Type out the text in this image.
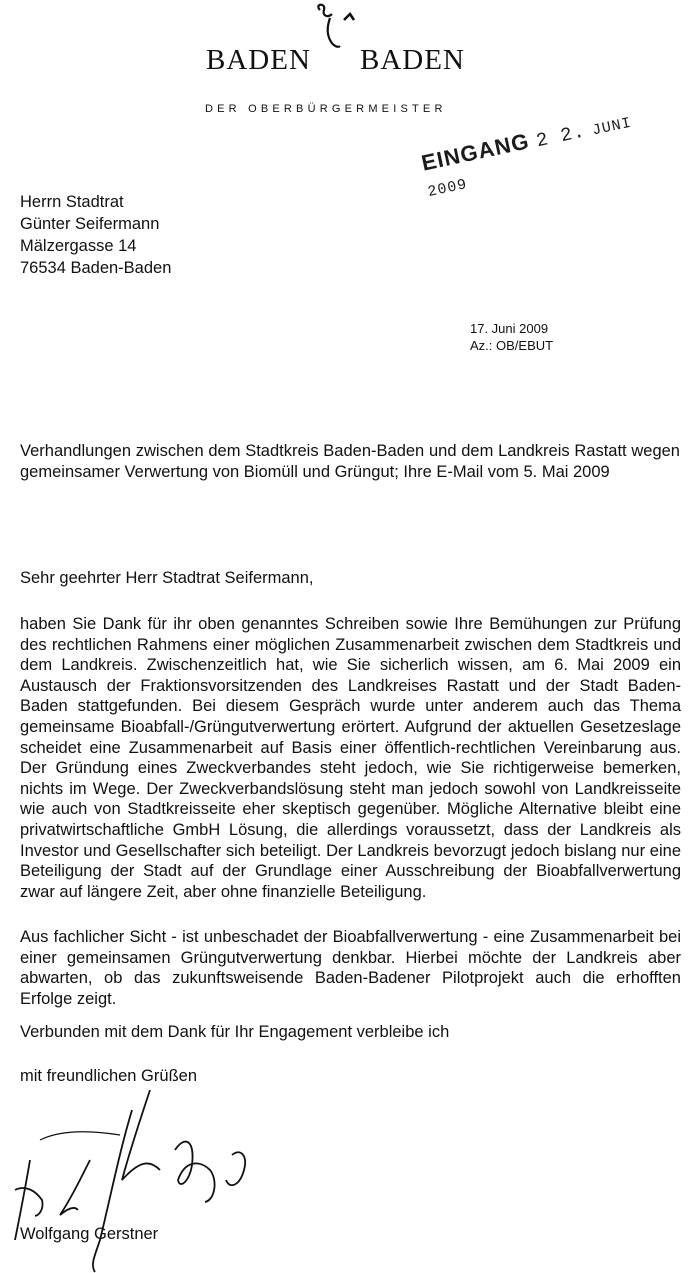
BADEN BADEN
DER OBERBÜRGERMEISTER
EINGANG 2 2. JUNI 2009
Herrn Stadtrat
Günter Seifermann
Mälzergasse 14
76534 Baden-Baden
17. Juni 2009
Az.: OB/EBUT
Verhandlungen zwischen dem Stadtkreis Baden-Baden und dem Landkreis Rastatt wegen gemeinsamer Verwertung von Biomüll und Grüngut; Ihre E-Mail vom 5. Mai 2009
Sehr geehrter Herr Stadtrat Seifermann,
haben Sie Dank für ihr oben genanntes Schreiben sowie Ihre Bemühungen zur Prüfung des rechtlichen Rahmens einer möglichen Zusammenarbeit zwischen dem Stadtkreis und dem Landkreis. Zwischenzeitlich hat, wie Sie sicherlich wissen, am 6. Mai 2009 ein Austausch der Fraktionsvorsitzenden des Landkreises Rastatt und der Stadt Baden-Baden stattgefunden. Bei diesem Gespräch wurde unter anderem auch das Thema gemeinsame Bioabfall-/Grüngutverwertung erörtert. Aufgrund der aktuellen Gesetzeslage scheidet eine Zusammenarbeit auf Basis einer öffentlich-rechtlichen Vereinbarung aus. Der Gründung eines Zweckverbandes steht jedoch, wie Sie richtigerweise bemerken, nichts im Wege. Der Zweckverbandslösung steht man jedoch sowohl von Landkreisseite wie auch von Stadtkreisseite eher skeptisch gegenüber. Mögliche Alternative bleibt eine privatwirtschaftliche GmbH Lösung, die allerdings voraussetzt, dass der Landkreis als Investor und Gesellschafter sich beteiligt. Der Landkreis bevorzugt jedoch bislang nur eine Beteiligung der Stadt auf der Grundlage einer Ausschreibung der Bioabfallverwertung zwar auf längere Zeit, aber ohne finanzielle Beteiligung.
Aus fachlicher Sicht - ist unbeschadet der Bioabfallverwertung - eine Zusammenarbeit bei einer gemeinsamen Grüngutverwertung denkbar. Hierbei möchte der Landkreis aber abwarten, ob das zukunftsweisende Baden-Badener Pilotprojekt auch die erhofften Erfolge zeigt.
Verbunden mit dem Dank für Ihr Engagement verbleibe ich
mit freundlichen Grüßen
Wolfgang Gerstner
